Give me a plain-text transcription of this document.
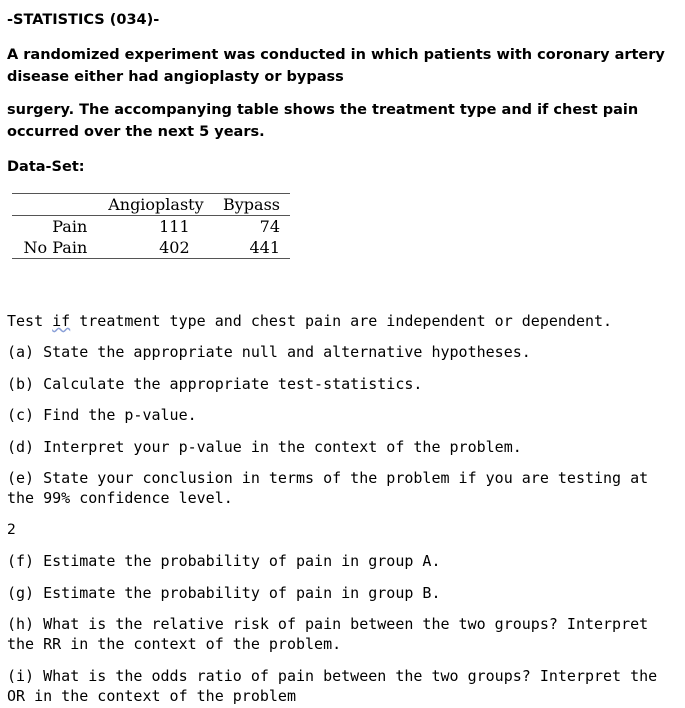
-STATISTICS (034)-

A randomized experiment was conducted in which patients with coronary artery disease either had angioplasty or bypass

surgery. The accompanying table shows the treatment type and if chest pain occurred over the next 5 years.

Data-Set:

	Angioplasty	Bypass
Pain	111	74
No Pain	402	441

Test if treatment type and chest pain are independent or dependent.

(a) State the appropriate null and alternative hypotheses.

(b) Calculate the appropriate test-statistics.

(c) Find the p-value.

(d) Interpret your p-value in the context of the problem.

(e) State your conclusion in terms of the problem if you are testing at the 99% confidence level.

2

(f) Estimate the probability of pain in group A.

(g) Estimate the probability of pain in group B.

(h) What is the relative risk of pain between the two groups? Interpret the RR in the context of the problem.

(i) What is the odds ratio of pain between the two groups? Interpret the OR in the context of the problem
